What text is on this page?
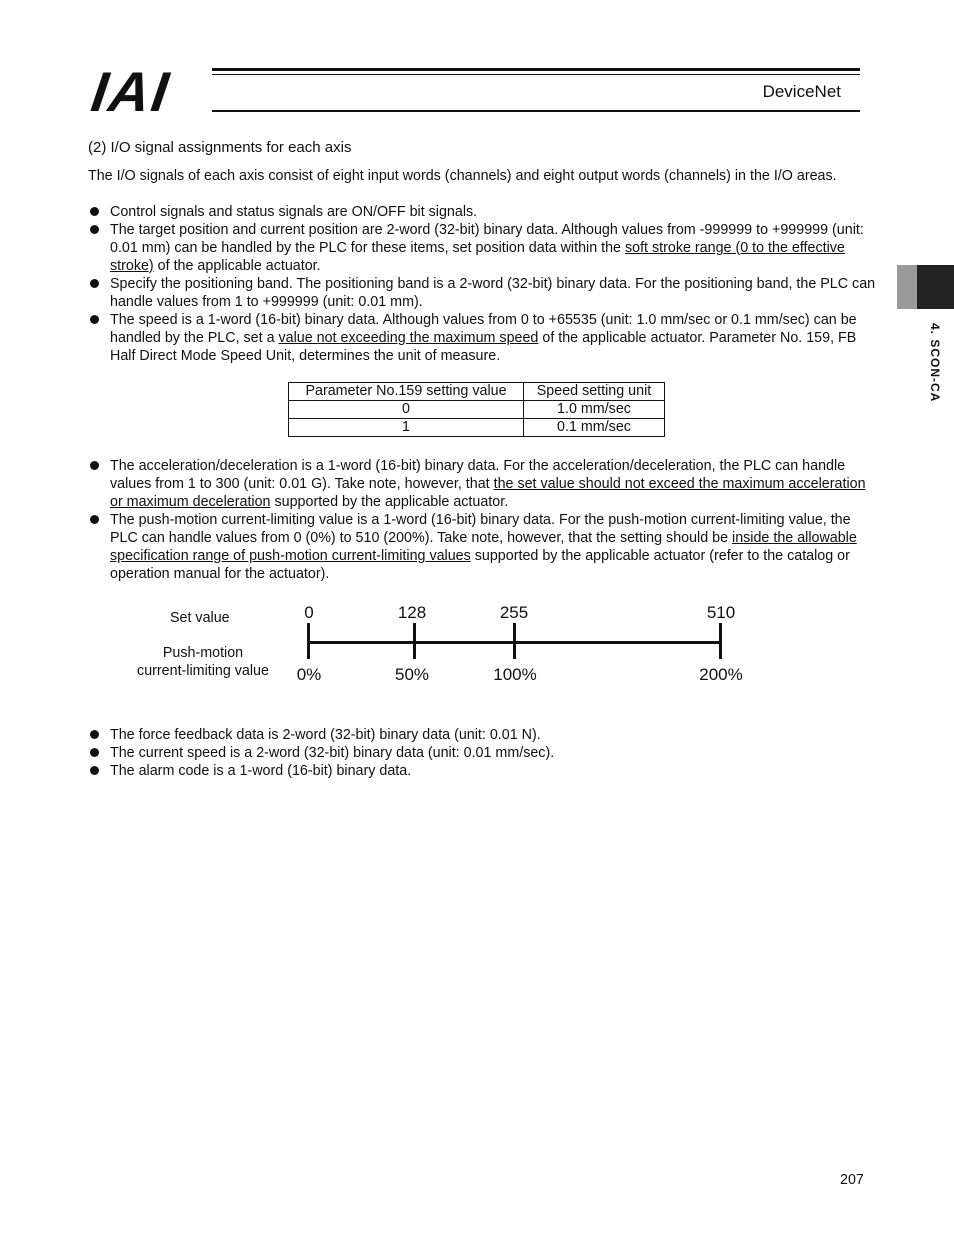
IAI	DeviceNet
4. SCON-CA
(2) I/O signal assignments for each axis

The I/O signals of each axis consist of eight input words (channels) and eight output words (channels) in the I/O areas.

Control signals and status signals are ON/OFF bit signals.
The target position and current position are 2-word (32-bit) binary data. Although values from -999999 to +999999 (unit: 0.01 mm) can be handled by the PLC for these items, set position data within the soft stroke range (0 to the effective stroke) of the applicable actuator.
Specify the positioning band. The positioning band is a 2-word (32-bit) binary data. For the positioning band, the PLC can handle values from 1 to +999999 (unit: 0.01 mm).
The speed is a 1-word (16-bit) binary data. Although values from 0 to +65535 (unit: 1.0 mm/sec or 0.1 mm/sec) can be handled by the PLC, set a value not exceeding the maximum speed of the applicable actuator. Parameter No. 159, FB Half Direct Mode Speed Unit, determines the unit of measure.
Parameter No.159 setting value	Speed setting unit
0	1.0 mm/sec
1	0.1 mm/sec
The acceleration/deceleration is a 1-word (16-bit) binary data. For the acceleration/deceleration, the PLC can handle values from 1 to 300 (unit: 0.01 G). Take note, however, that the set value should not exceed the maximum acceleration or maximum deceleration supported by the applicable actuator.
The push-motion current-limiting value is a 1-word (16-bit) binary data. For the push-motion current-limiting value, the PLC can handle values from 0 (0%) to 510 (200%). Take note, however, that the setting should be inside the allowable specification range of push-motion current-limiting values supported by the applicable actuator (refer to the catalog or operation manual for the actuator).
Set value
Push-motion
current-limiting value
0	128	255	510
0%	50%	100%	200%
The force feedback data is 2-word (32-bit) binary data (unit: 0.01 N).
The current speed is a 2-word (32-bit) binary data (unit: 0.01 mm/sec).
The alarm code is a 1-word (16-bit) binary data.
207
